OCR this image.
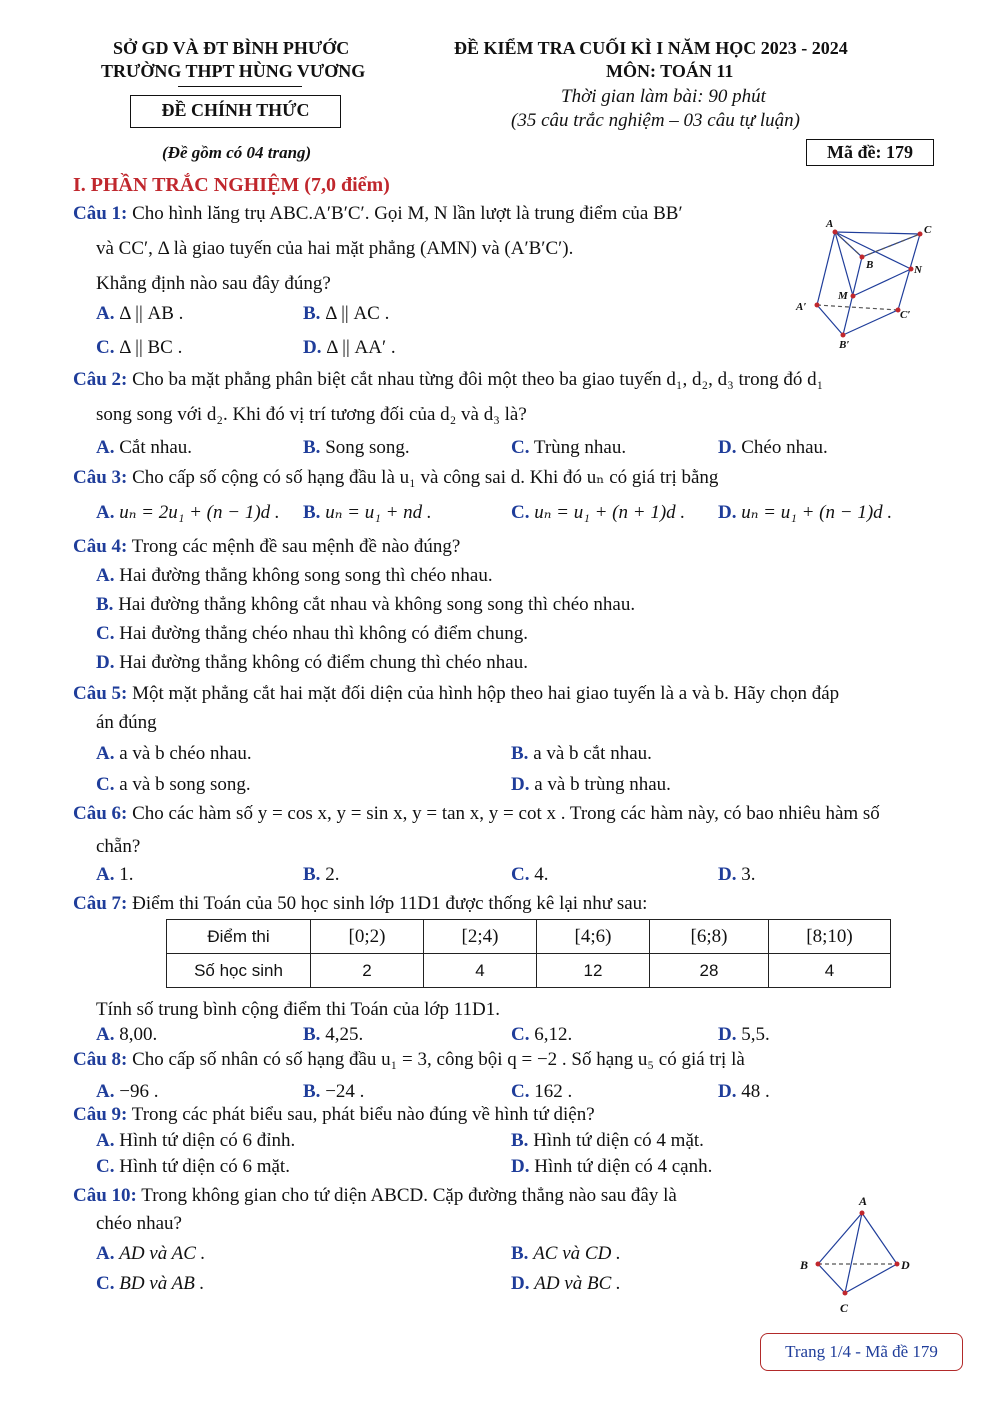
SỞ GD VÀ ĐT BÌNH PHƯỚC
TRƯỜNG THPT HÙNG VƯƠNG
ĐỀ CHÍNH THỨC
(Đề gồm có 04 trang)
ĐỀ KIỂM TRA CUỐI KÌ I NĂM HỌC 2023 - 2024
MÔN: TOÁN 11
Thời gian làm bài: 90 phút
(35 câu trắc nghiệm – 03 câu tự luận)
Mã đề: 179
I. PHẦN TRẮC NGHIỆM (7,0 điểm)
Câu 1: Cho hình lăng trụ ABC.A′B′C′. Gọi M, N lần lượt là trung điểm của BB′
và CC′, Δ là giao tuyến của hai mặt phẳng (AMN) và (A′B′C′).
Khẳng định nào sau đây đúng?
A. Δ || AB .	B. Δ || AC .
C. Δ || BC .	D. Δ || AA′ .
A	C
B	N
M
A′
C′
B′
Câu 2: Cho ba mặt phẳng phân biệt cắt nhau từng đôi một theo ba giao tuyến d₁, d₂, d₃ trong đó d₁
song song với d₂. Khi đó vị trí tương đối của d₂ và d₃ là?
A. Cắt nhau.	B. Song song.	C. Trùng nhau.	D. Chéo nhau.
Câu 3: Cho cấp số cộng có số hạng đầu là u₁ và công sai d. Khi đó uₙ có giá trị bằng
A. uₙ = 2u₁ + (n − 1)d . B. uₙ = u₁ + nd .	C. uₙ = u₁ + (n + 1)d . D. uₙ = u₁ + (n − 1)d .
Câu 4: Trong các mệnh đề sau mệnh đề nào đúng?
A. Hai đường thẳng không song song thì chéo nhau.
B. Hai đường thẳng không cắt nhau và không song song thì chéo nhau.
C. Hai đường thẳng chéo nhau thì không có điểm chung.
D. Hai đường thẳng không có điểm chung thì chéo nhau.
Câu 5: Một mặt phẳng cắt hai mặt đối diện của hình hộp theo hai giao tuyến là a và b. Hãy chọn đáp
án đúng
A. a và b chéo nhau.	B. a và b cắt nhau.
C. a và b song song.	D. a và b trùng nhau.
Câu 6: Cho các hàm số y = cos x, y = sin x, y = tan x, y = cot x . Trong các hàm này, có bao nhiêu hàm số
chẵn?
A. 1.	B. 2.	C. 4.	D. 3.
Câu 7: Điểm thi Toán của 50 học sinh lớp 11D1 được thống kê lại như sau:
Điểm thi	[0;2)	[2;4)	[4;6)	[6;8)	[8;10)
Số học sinh	2	4	12	28	4
Tính số trung bình cộng điểm thi Toán của lớp 11D1.
A. 8,00.	B. 4,25.	C. 6,12.	D. 5,5.
Câu 8: Cho cấp số nhân có số hạng đầu u₁ = 3, công bội q = −2 . Số hạng u₅ có giá trị là
A. −96 .	B. −24 .	C. 162 .	D. 48 .
Câu 9: Trong các phát biểu sau, phát biểu nào đúng về hình tứ diện?
A. Hình tứ diện có 6 đỉnh.	B. Hình tứ diện có 4 mặt.
C. Hình tứ diện có 6 mặt.	D. Hình tứ diện có 4 cạnh.
Câu 10: Trong không gian cho tứ diện ABCD. Cặp đường thẳng nào sau đây là
chéo nhau?
A. AD và AC .	B. AC và CD .
C. BD và AB .	D. AD và BC .
A
B	D
C
Trang 1/4 - Mã đề 179
